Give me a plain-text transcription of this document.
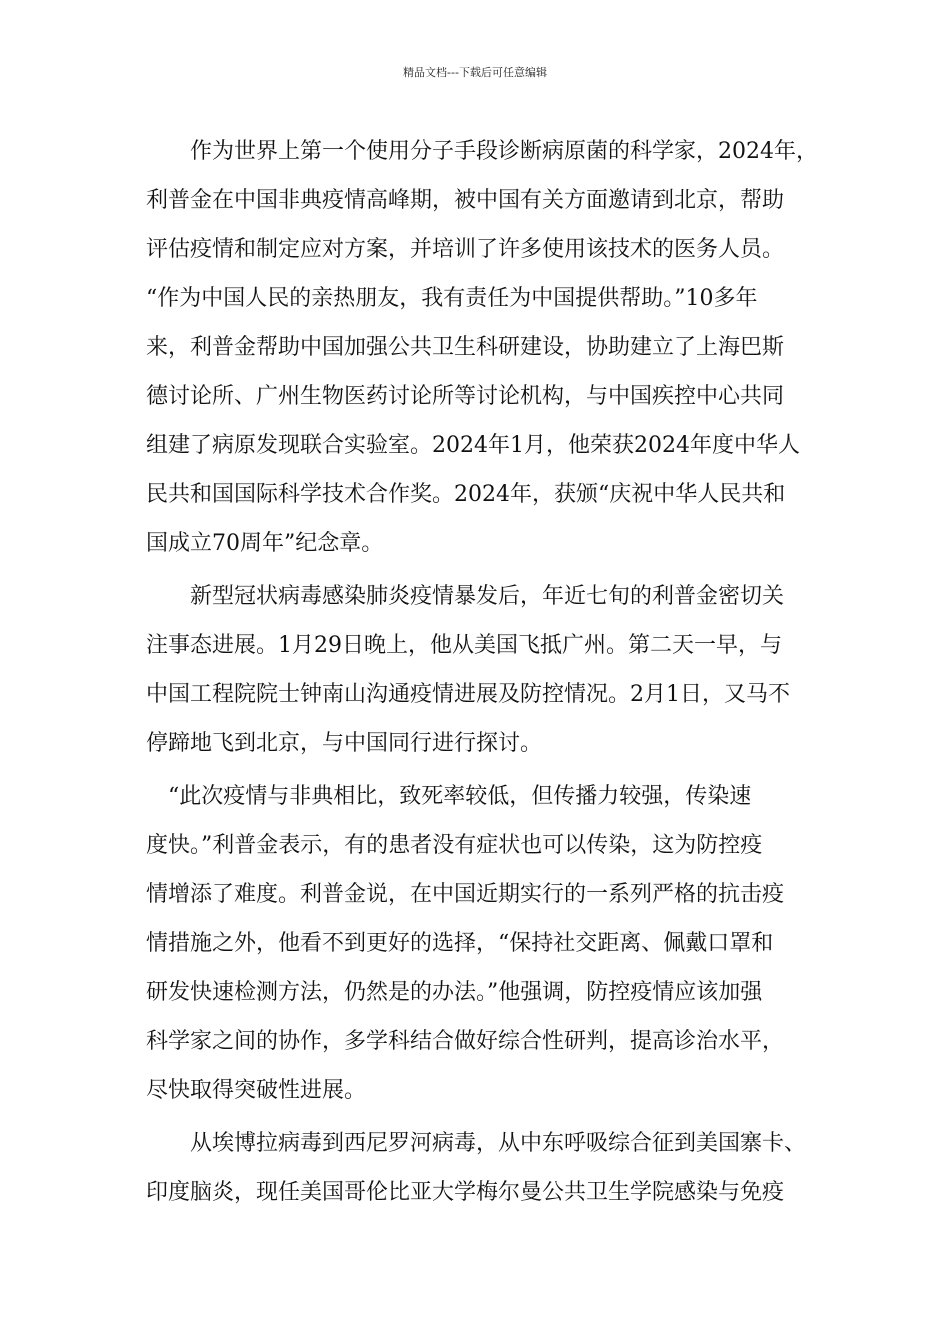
精品文档---下载后可任意编辑

　　作为世界上第一个使用分子手段诊断病原菌的科学家，2024年，

利普金在中国非典疫情高峰期，被中国有关方面邀请到北京，帮助

评估疫情和制定应对方案，并培训了许多使用该技术的医务人员。

“作为中国人民的亲热朋友，我有责任为中国提供帮助。”10多年

来，利普金帮助中国加强公共卫生科研建设，协助建立了上海巴斯

德讨论所、广州生物医药讨论所等讨论机构，与中国疾控中心共同

组建了病原发现联合实验室。2024年1月，他荣获2024年度中华人

民共和国国际科学技术合作奖。2024年，获颁“庆祝中华人民共和

国成立70周年”纪念章。

　　新型冠状病毒感染肺炎疫情暴发后，年近七旬的利普金密切关

注事态进展。1月29日晚上，他从美国飞抵广州。第二天一早，与

中国工程院院士钟南山沟通疫情进展及防控情况。2月1日，又马不

停蹄地飞到北京，与中国同行进行探讨。

　“此次疫情与非典相比，致死率较低，但传播力较强，传染速

度快。”利普金表示，有的患者没有症状也可以传染，这为防控疫

情增添了难度。利普金说，在中国近期实行的一系列严格的抗击疫

情措施之外，他看不到更好的选择，“保持社交距离、佩戴口罩和

研发快速检测方法，仍然是的办法。”他强调，防控疫情应该加强

科学家之间的协作，多学科结合做好综合性研判，提高诊治水平，

尽快取得突破性进展。

　　从埃博拉病毒到西尼罗河病毒，从中东呼吸综合征到美国寨卡、

印度脑炎，现任美国哥伦比亚大学梅尔曼公共卫生学院感染与免疫
